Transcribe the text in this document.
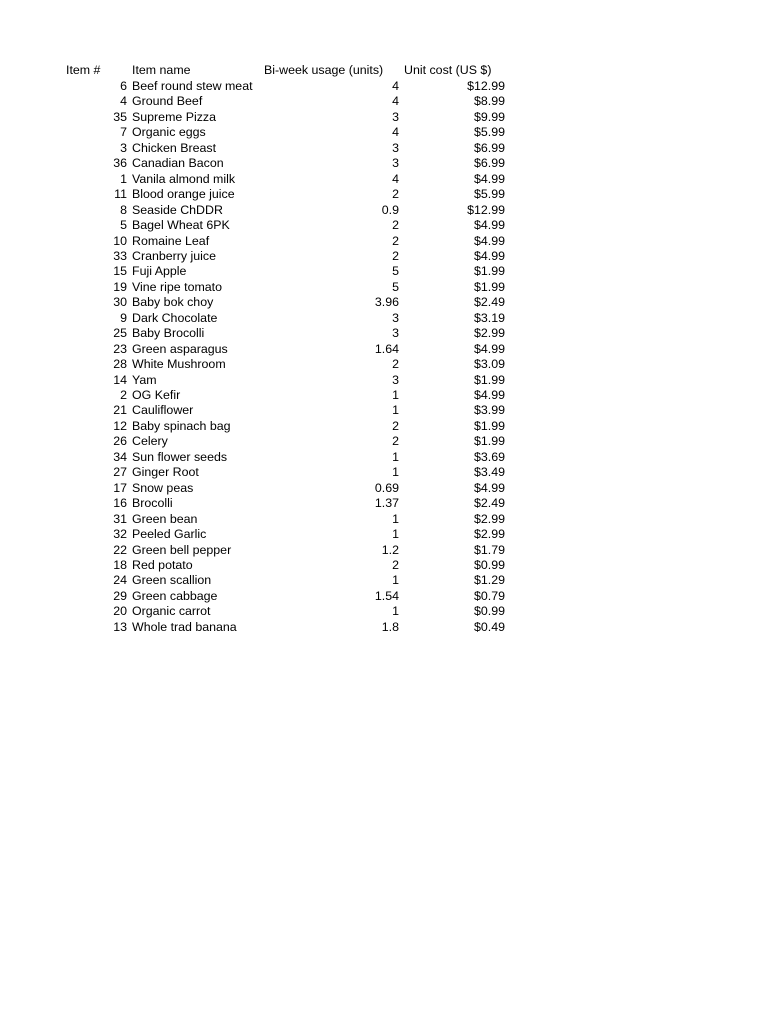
Item #	Item name	Bi-week usage (units)	Unit cost (US $)
6 Beef round stew meat	4	$12.99
4 Ground Beef	4	$8.99
35 Supreme Pizza	3	$9.99
7 Organic eggs	4	$5.99
3 Chicken Breast	3	$6.99
36 Canadian Bacon	3	$6.99
1 Vanila almond milk	4	$4.99
11 Blood orange juice	2	$5.99
8 Seaside ChDDR	0.9	$12.99
5 Bagel Wheat 6PK	2	$4.99
10 Romaine Leaf	2	$4.99
33 Cranberry juice	2	$4.99
15 Fuji Apple	5	$1.99
19 Vine ripe tomato	5	$1.99
30 Baby bok choy	3.96	$2.49
9 Dark Chocolate	3	$3.19
25 Baby Brocolli	3	$2.99
23 Green asparagus	1.64	$4.99
28 White Mushroom	2	$3.09
14 Yam	3	$1.99
2 OG Kefir	1	$4.99
21 Cauliflower	1	$3.99
12 Baby spinach bag	2	$1.99
26 Celery	2	$1.99
34 Sun flower seeds	1	$3.69
27 Ginger Root	1	$3.49
17 Snow peas	0.69	$4.99
16 Brocolli	1.37	$2.49
31 Green bean	1	$2.99
32 Peeled Garlic	1	$2.99
22 Green bell pepper	1.2	$1.79
18 Red potato	2	$0.99
24 Green scallion	1	$1.29
29 Green cabbage	1.54	$0.79
20 Organic carrot	1	$0.99
13 Whole trad banana	1.8	$0.49
